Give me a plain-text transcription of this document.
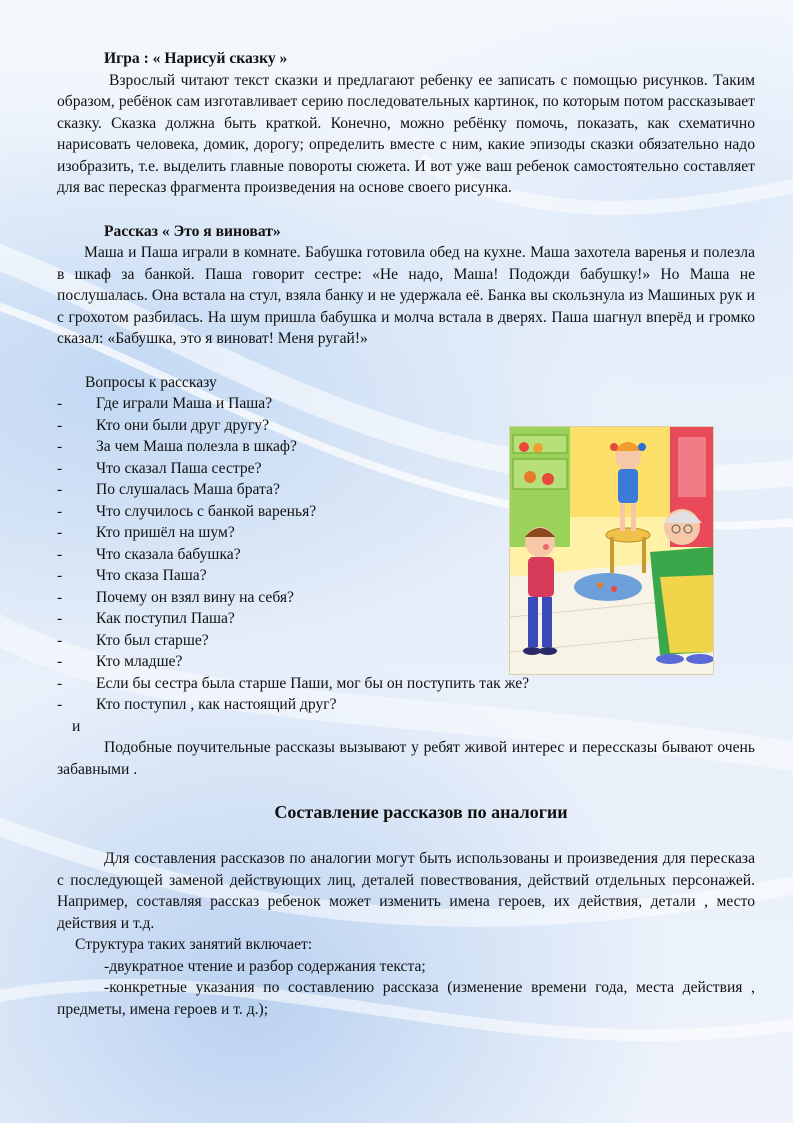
Игра : « Нарисуй сказку »

Взрослый читают текст сказки и предлагают ребенку ее записать с помощью рисунков. Таким образом, ребёнок сам изготавливает серию последовательных картинок, по которым потом рассказывает сказку. Сказка должна быть краткой. Конечно, можно ребёнку помочь, показать, как схематично нарисовать человека, домик, дорогу; определить вместе с ним, какие эпизоды сказки обязательно надо изобразить, т.е. выделить главные повороты сюжета. И вот уже ваш ребенок самостоятельно составляет для вас пересказ фрагмента произведения на основе своего рисунка.

Рассказ « Это я виноват»

Маша и Паша играли в комнате. Бабушка готовила обед на кухне. Маша захотела варенья и полезла в шкаф за банкой. Паша говорит сестре: «Не надо, Маша! Подожди бабушку!» Но Маша не послушалась. Она встала на стул, взяла банку и не удержала её. Банка вы скользнула из Машиных рук и с грохотом разбилась. На шум пришла бабушка и молча встала в дверях. Паша шагнул вперёд и громко сказал: «Бабушка, это я виноват! Меня ругай!»

Вопросы к рассказу

- Где играли Маша и Паша?
- Кто они были друг другу?
- За чем Маша полезла в шкаф?
- Что сказал Паша сестре?
- По слушалась Маша брата?
- Что случилось с банкой варенья?
- Кто пришёл на шум?
- Что сказала бабушка?
- Что сказа Паша?
- Почему он взял вину на себя?
- Как поступил Паша?
- Кто был старше?
- Кто младше?
- Если бы сестра была старше Паши, мог бы он поступить так же?
- Кто поступил , как настоящий друг?

и

Подобные поучительные рассказы вызывают у ребят живой интерес и пересcказы бывают очень забавными .

Составление рассказов по аналогии

Для составления рассказов по аналогии могут быть использованы и произведения для пересказа с последующей заменой действующих лиц, деталей повествования, действий отдельных персонажей. Например, составляя рассказ ребенок может изменить имена героев, их действия, детали , место действия и т.д.

Структура таких занятий включает:

-двукратное чтение и разбор содержания текста;

-конкретные указания по составлению рассказа (изменение времени года, места действия , предметы, имена героев и т. д.);
